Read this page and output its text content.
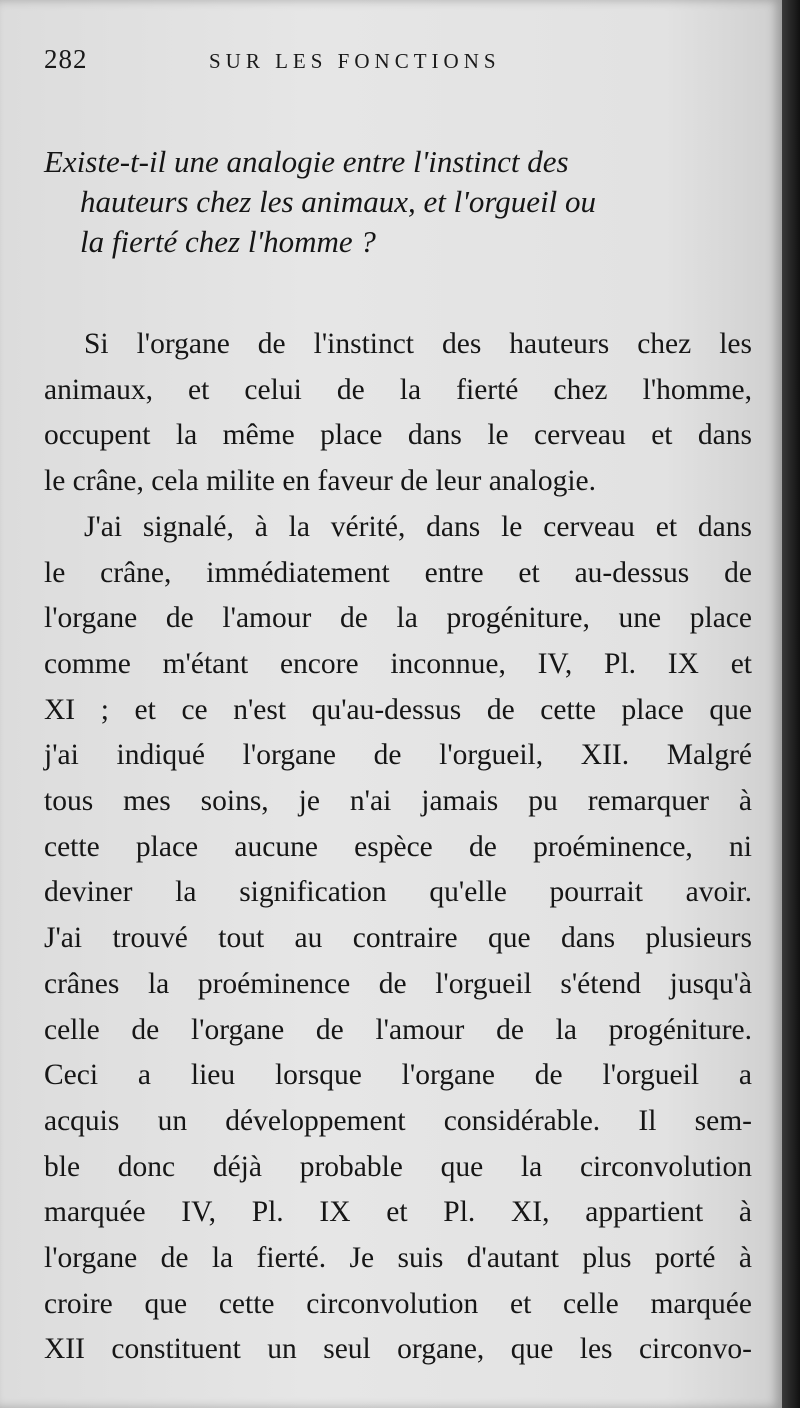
282	SUR LES FONCTIONS
Existe-t-il une analogie entre l'instinct des
hauteurs chez les animaux, et l'orgueil ou
la fierté chez l'homme ?
Si l'organe de l'instinct des hauteurs chez les
animaux, et celui de la fierté chez l'homme,
occupent la même place dans le cerveau et dans
le crâne, cela milite en faveur de leur analogie.
J'ai signalé, à la vérité, dans le cerveau et dans
le crâne, immédiatement entre et au-dessus de
l'organe de l'amour de la progéniture, une place
comme m'étant encore inconnue, IV, Pl. IX et
XI ; et ce n'est qu'au-dessus de cette place que
j'ai indiqué l'organe de l'orgueil, XII. Malgré
tous mes soins, je n'ai jamais pu remarquer à
cette place aucune espèce de proéminence, ni
deviner la signification qu'elle pourrait avoir.
J'ai trouvé tout au contraire que dans plusieurs
crânes la proéminence de l'orgueil s'étend jusqu'à
celle de l'organe de l'amour de la progéniture.
Ceci a lieu lorsque l'organe de l'orgueil a
acquis un développement considérable. Il sem-
ble donc déjà probable que la circonvolution
marquée IV, Pl. IX et Pl. XI, appartient à
l'organe de la fierté. Je suis d'autant plus porté à
croire que cette circonvolution et celle marquée
XII constituent un seul organe, que les circonvo-
